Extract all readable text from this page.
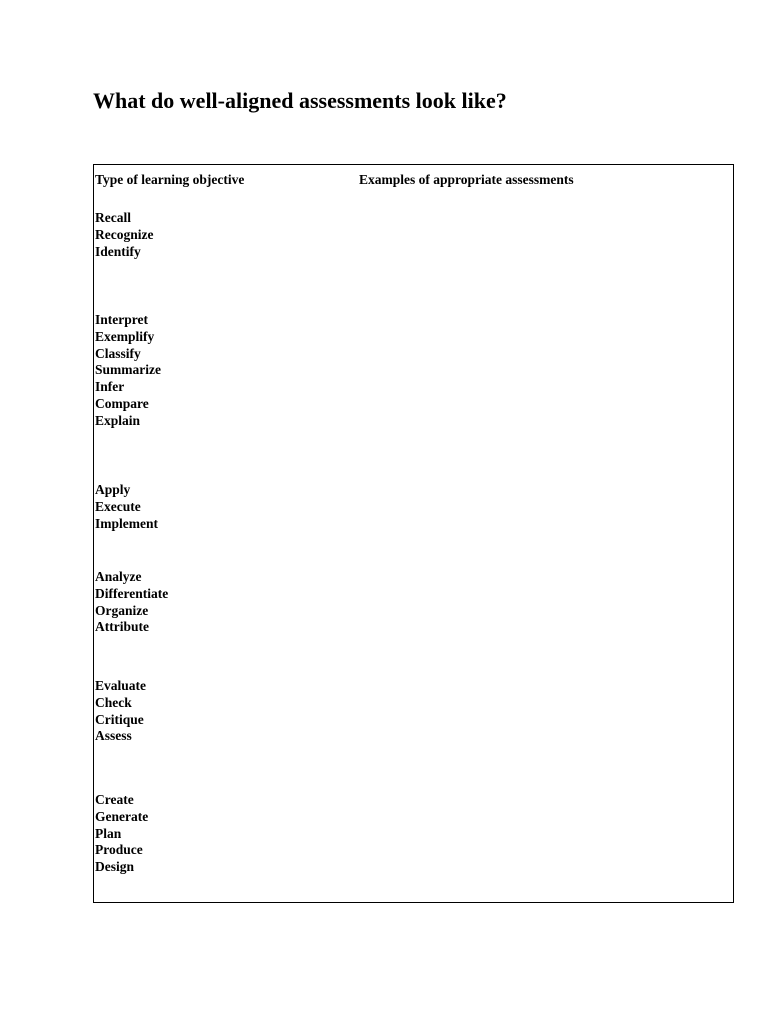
What do well-aligned assessments look like?

Type of learning objective	Examples of appropriate assessments

Recall
Recognize
Identify
Interpret
Exemplify
Classify
Summarize
Infer
Compare
Explain
Apply
Execute
Implement
Analyze
Differentiate
Organize
Attribute
Evaluate
Check
Critique
Assess
Create
Generate
Plan
Produce
Design
